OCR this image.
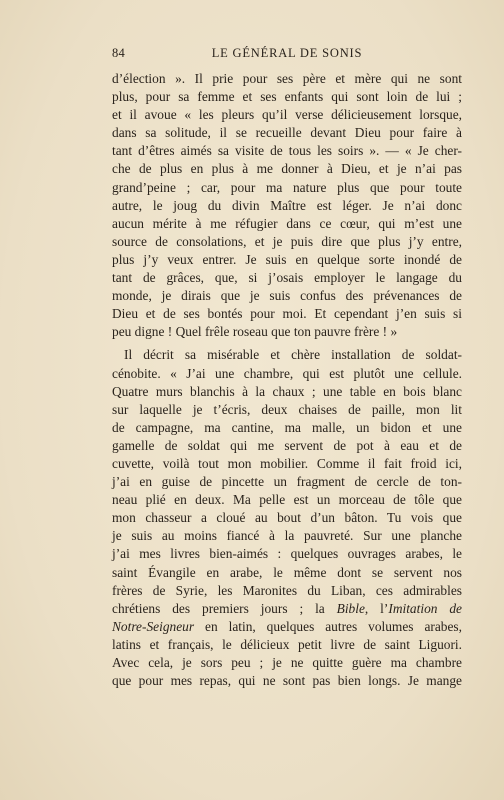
84	LE GÉNÉRAL DE SONIS
d’élection ». Il prie pour ses père et mère qui ne sont
plus, pour sa femme et ses enfants qui sont loin de lui ;
et il avoue « les pleurs qu’il verse délicieusement lorsque,
dans sa solitude, il se recueille devant Dieu pour faire à
tant d’êtres aimés sa visite de tous les soirs ». — « Je cher-
che de plus en plus à me donner à Dieu, et je n’ai pas
grand’peine ; car, pour ma nature plus que pour toute
autre, le joug du divin Maître est léger. Je n’ai donc
aucun mérite à me réfugier dans ce cœur, qui m’est une
source de consolations, et je puis dire que plus j’y entre,
plus j’y veux entrer. Je suis en quelque sorte inondé de
tant de grâces, que, si j’osais employer le langage du
monde, je dirais que je suis confus des prévenances de
Dieu et de ses bontés pour moi. Et cependant j’en suis si
peu digne ! Quel frêle roseau que ton pauvre frère ! »
Il décrit sa misérable et chère installation de soldat-
cénobite. « J’ai une chambre, qui est plutôt une cellule.
Quatre murs blanchis à la chaux ; une table en bois blanc
sur laquelle je t’écris, deux chaises de paille, mon lit
de campagne, ma cantine, ma malle, un bidon et une
gamelle de soldat qui me servent de pot à eau et de
cuvette, voilà tout mon mobilier. Comme il fait froid ici,
j’ai en guise de pincette un fragment de cercle de ton-
neau plié en deux. Ma pelle est un morceau de tôle que
mon chasseur a cloué au bout d’un bâton. Tu vois que
je suis au moins fiancé à la pauvreté. Sur une planche
j’ai mes livres bien-aimés : quelques ouvrages arabes, le
saint Évangile en arabe, le même dont se servent nos
frères de Syrie, les Maronites du Liban, ces admirables
chrétiens des premiers jours ; la Bible, l’Imitation de
Notre-Seigneur en latin, quelques autres volumes arabes,
latins et français, le délicieux petit livre de saint Liguori.
Avec cela, je sors peu ; je ne quitte guère ma chambre
que pour mes repas, qui ne sont pas bien longs. Je mange
